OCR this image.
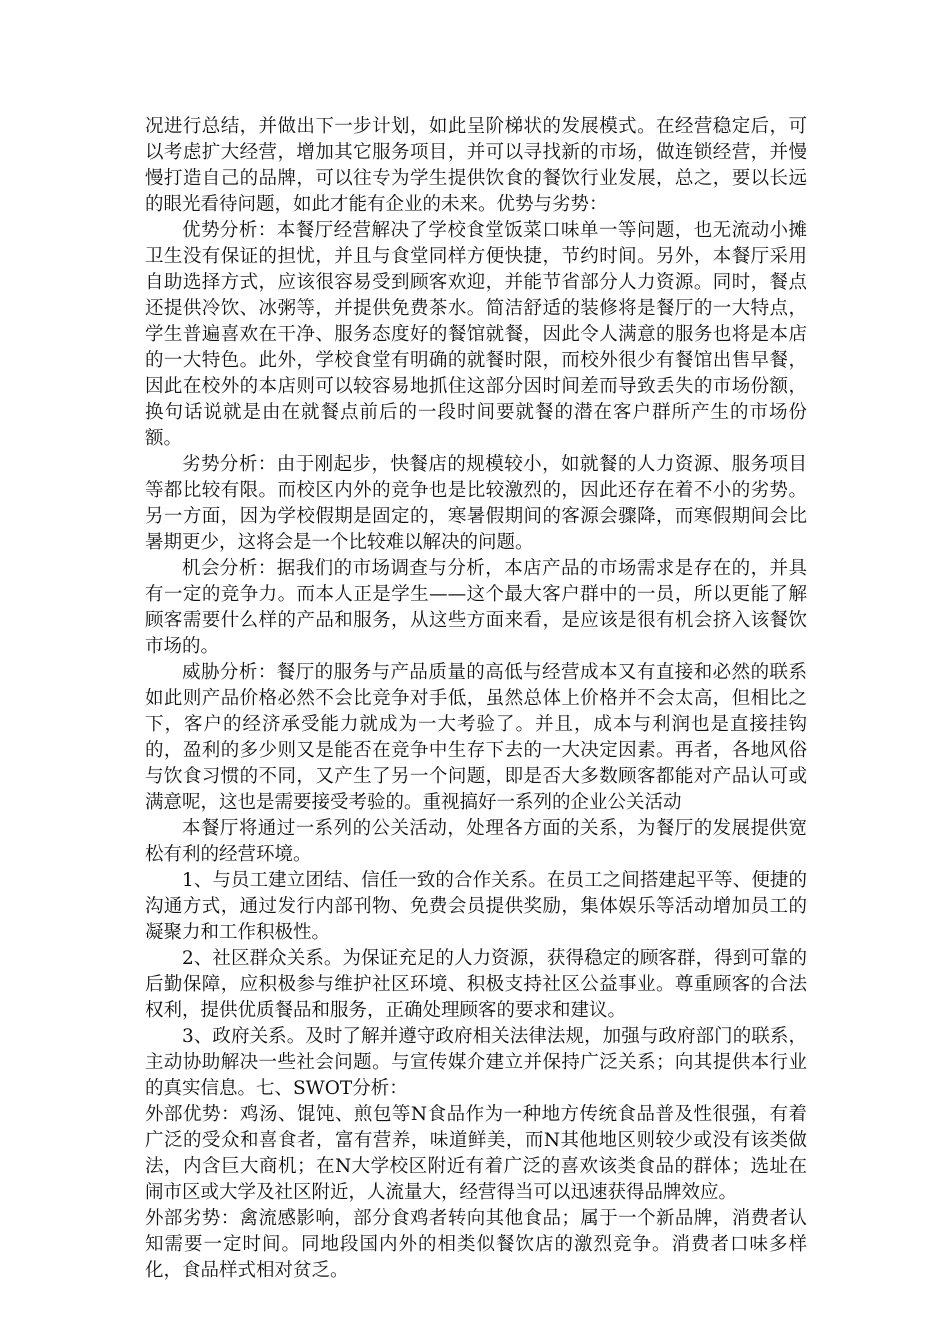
况进行总结，并做出下一步计划，如此呈阶梯状的发展模式。在经营稳定后，可以考虑扩大经营，增加其它服务项目，并可以寻找新的市场，做连锁经营，并慢慢打造自己的品牌，可以往专为学生提供饮食的餐饮行业发展，总之，要以长远的眼光看待问题，如此才能有企业的未来。优势与劣势：

优势分析：本餐厅经营解决了学校食堂饭菜口味单一等问题，也无流动小摊卫生没有保证的担忧，并且与食堂同样方便快捷，节约时间。另外，本餐厅采用自助选择方式，应该很容易受到顾客欢迎，并能节省部分人力资源。同时，餐点还提供冷饮、冰粥等，并提供免费茶水。简洁舒适的装修将是餐厅的一大特点，学生普遍喜欢在干净、服务态度好的餐馆就餐，因此令人满意的服务也将是本店的一大特色。此外，学校食堂有明确的就餐时限，而校外很少有餐馆出售早餐，因此在校外的本店则可以较容易地抓住这部分因时间差而导致丢失的市场份额，换句话说就是由在就餐点前后的一段时间要就餐的潜在客户群所产生的市场份额。

劣势分析：由于刚起步，快餐店的规模较小，如就餐的人力资源、服务项目等都比较有限。而校区内外的竞争也是比较激烈的，因此还存在着不小的劣势。另一方面，因为学校假期是固定的，寒暑假期间的客源会骤降，而寒假期间会比暑期更少，这将会是一个比较难以解决的问题。

机会分析：据我们的市场调查与分析，本店产品的市场需求是存在的，并具有一定的竞争力。而本人正是学生——这个最大客户群中的一员，所以更能了解顾客需要什么样的产品和服务，从这些方面来看，是应该是很有机会挤入该餐饮市场的。

威胁分析：餐厅的服务与产品质量的高低与经营成本又有直接和必然的联系如此则产品价格必然不会比竞争对手低，虽然总体上价格并不会太高，但相比之下，客户的经济承受能力就成为一大考验了。并且，成本与利润也是直接挂钩的，盈利的多少则又是能否在竞争中生存下去的一大决定因素。再者，各地风俗与饮食习惯的不同，又产生了另一个问题，即是否大多数顾客都能对产品认可或满意呢，这也是需要接受考验的。重视搞好一系列的企业公关活动

本餐厅将通过一系列的公关活动，处理各方面的关系，为餐厅的发展提供宽松有利的经营环境。

1、与员工建立团结、信任一致的合作关系。在员工之间搭建起平等、便捷的沟通方式，通过发行内部刊物、免费会员提供奖励，集体娱乐等活动增加员工的凝聚力和工作积极性。

2、社区群众关系。为保证充足的人力资源，获得稳定的顾客群，得到可靠的后勤保障，应积极参与维护社区环境、积极支持社区公益事业。尊重顾客的合法权利，提供优质餐品和服务，正确处理顾客的要求和建议。

3、政府关系。及时了解并遵守政府相关法律法规，加强与政府部门的联系，主动协助解决一些社会问题。与宣传媒介建立并保持广泛关系；向其提供本行业的真实信息。七、SWOT分析：

外部优势：鸡汤、馄饨、煎包等N食品作为一种地方传统食品普及性很强，有着广泛的受众和喜食者，富有营养，味道鲜美，而N其他地区则较少或没有该类做法，内含巨大商机；在N大学校区附近有着广泛的喜欢该类食品的群体；选址在闹市区或大学及社区附近，人流量大，经营得当可以迅速获得品牌效应。

外部劣势：禽流感影响，部分食鸡者转向其他食品；属于一个新品牌，消费者认知需要一定时间。同地段国内外的相类似餐饮店的激烈竞争。消费者口味多样化，食品样式相对贫乏。
